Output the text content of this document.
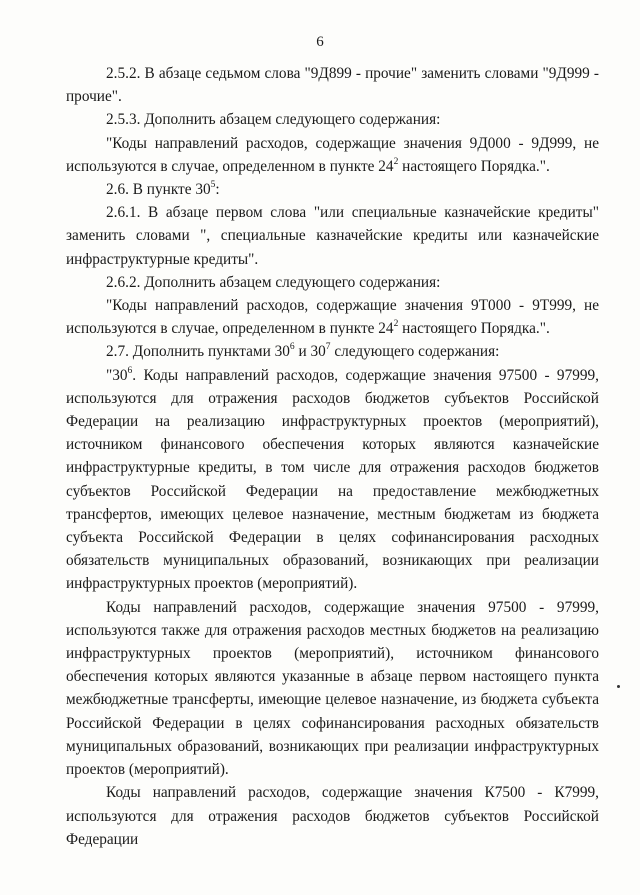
6

2.5.2. В абзаце седьмом слова "9Д899 - прочие" заменить словами "9Д999 - прочие".

2.5.3. Дополнить абзацем следующего содержания:

"Коды направлений расходов, содержащие значения 9Д000 - 9Д999, не используются в случае, определенном в пункте $24^2$ настоящего Порядка.".

2.6. В пункте $30^5$:

2.6.1. В абзаце первом слова "или специальные казначейские кредиты" заменить словами ", специальные казначейские кредиты или казначейские инфраструктурные кредиты".

2.6.2. Дополнить абзацем следующего содержания:

"Коды направлений расходов, содержащие значения 9Т000 - 9Т999, не используются в случае, определенном в пункте $24^2$ настоящего Порядка.".

2.7. Дополнить пунктами $30^6$ и $30^7$ следующего содержания:

"$30^6$. Коды направлений расходов, содержащие значения 97500 - 97999, используются для отражения расходов бюджетов субъектов Российской Федерации на реализацию инфраструктурных проектов (мероприятий), источником финансового обеспечения которых являются казначейские инфраструктурные кредиты, в том числе для отражения расходов бюджетов субъектов Российской Федерации на предоставление межбюджетных трансфертов, имеющих целевое назначение, местным бюджетам из бюджета субъекта Российской Федерации в целях софинансирования расходных обязательств муниципальных образований, возникающих при реализации инфраструктурных проектов (мероприятий).

Коды направлений расходов, содержащие значения 97500 - 97999, используются также для отражения расходов местных бюджетов на реализацию инфраструктурных проектов (мероприятий), источником финансового обеспечения которых являются указанные в абзаце первом настоящего пункта межбюджетные трансферты, имеющие целевое назначение, из бюджета субъекта Российской Федерации в целях софинансирования расходных обязательств муниципальных образований, возникающих при реализации инфраструктурных проектов (мероприятий).

Коды направлений расходов, содержащие значения К7500 - К7999, используются для отражения расходов бюджетов субъектов Российской Федерации
